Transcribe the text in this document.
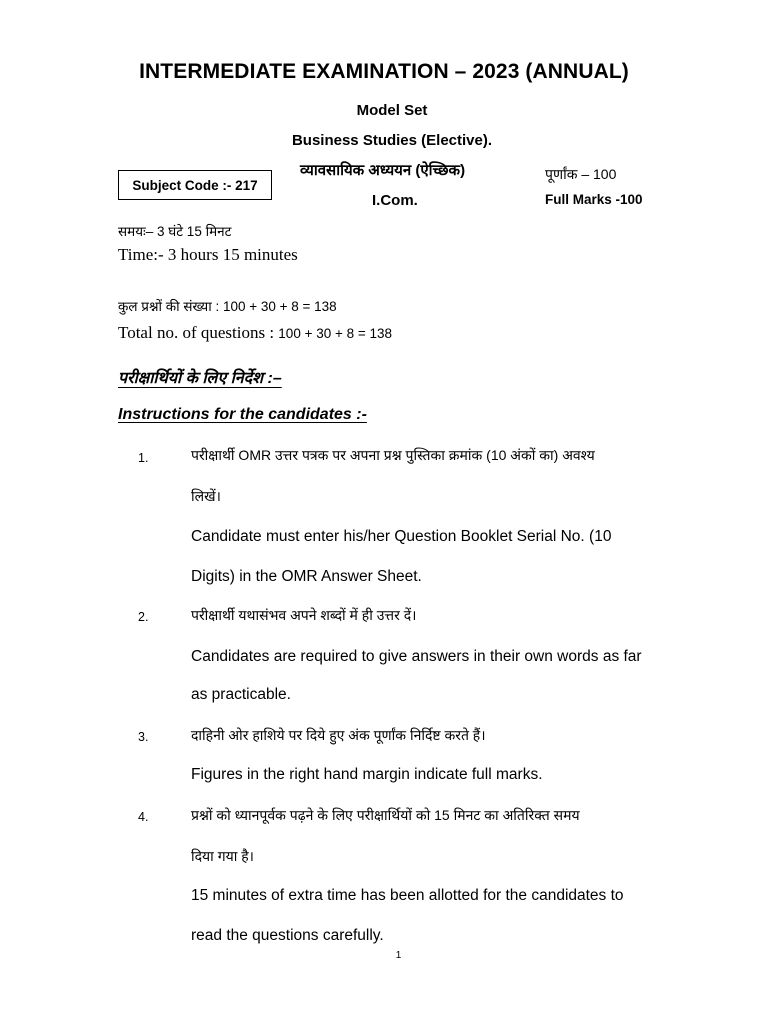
INTERMEDIATE EXAMINATION – 2023 (ANNUAL)
Model Set
Business Studies (Elective).
Subject Code :- 217
व्यावसायिक अध्ययन (ऐच्छिक)
I.Com.
पूर्णांक – 100
Full Marks -100
समयः– 3 घंटे 15 मिनट
Time:- 3 hours 15 minutes
कुल प्रश्नों की संख्या : 100 + 30 + 8 = 138
Total no. of questions : 100 + 30 + 8 = 138
परीक्षार्थियों के लिए निर्देश :–
Instructions for the candidates :-
1.	परीक्षार्थी OMR उत्तर पत्रक पर अपना प्रश्न पुस्तिका क्रमांक (10 अंकों का) अवश्य
लिखें।
Candidate must enter his/her Question Booklet Serial No. (10
Digits) in the OMR Answer Sheet.
2.	परीक्षार्थी यथासंभव अपने शब्दों में ही उत्तर दें।
Candidates are required to give answers in their own words as far
as practicable.
3.	दाहिनी ओर हाशिये पर दिये हुए अंक पूर्णांक निर्दिष्ट करते हैं।
Figures in the right hand margin indicate full marks.
4.	प्रश्नों को ध्यानपूर्वक पढ़ने के लिए परीक्षार्थियों को 15 मिनट का अतिरिक्त समय
दिया गया है।
15 minutes of extra time has been allotted for the candidates to
read the questions carefully.
1
